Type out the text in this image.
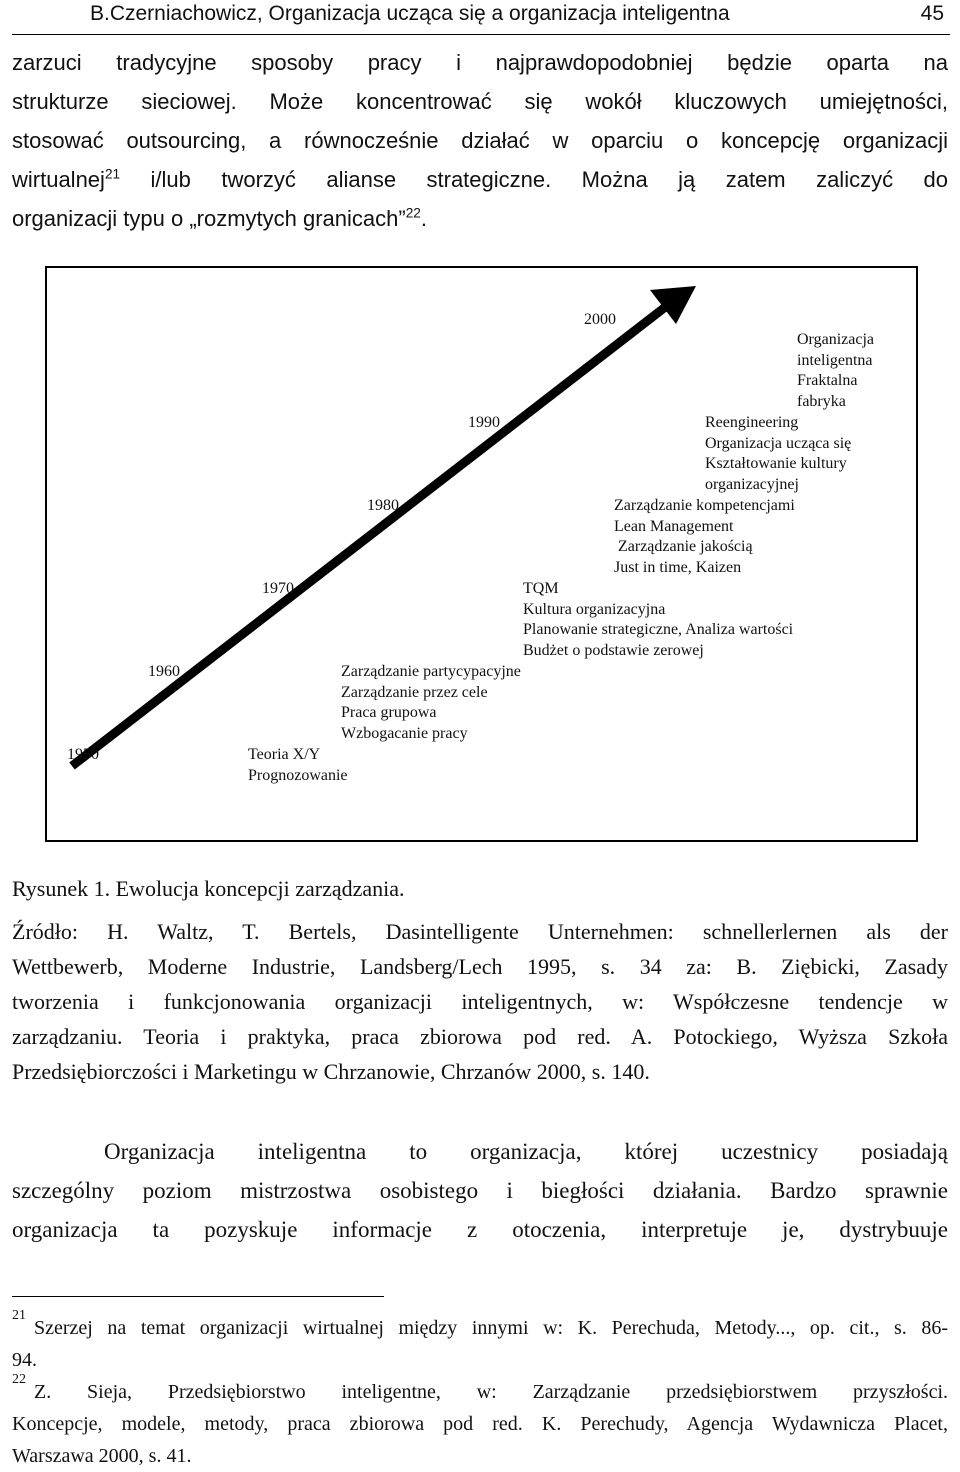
B.Czerniachowicz, Organizacja ucząca się a organizacja inteligentna	45
zarzuci tradycyjne sposoby pracy i najprawdopodobniej będzie oparta na
strukturze sieciowej. Może koncentrować się wokół kluczowych umiejętności,
stosować outsourcing, a równocześnie działać w oparciu o koncepcję organizacji
wirtualnej$^{21}$ i/lub tworzyć alianse strategiczne. Można ją zatem zaliczyć do
organizacji typu o „rozmytych granicach”$^{22}$.
1950
1960
1970
1980
1990
2000
Teoria X/Y
Prognozowanie
Zarządzanie partycypacyjne
Zarządzanie przez cele
Praca grupowa
Wzbogacanie pracy
TQM
Kultura organizacyjna
Planowanie strategiczne, Analiza wartości
Budżet o podstawie zerowej
Zarządzanie kompetencjami
Lean Management
Zarządzanie jakością
Just in time, Kaizen
Reengineering
Organizacja ucząca się
Kształtowanie kultury
organizacyjnej
Organizacja
inteligentna
Fraktalna
fabryka
Rysunek 1. Ewolucja koncepcji zarządzania.
Źródło: H. Waltz, T. Bertels, Dasintelligente Unternehmen: schnellerlernen als der
Wettbewerb, Moderne Industrie, Landsberg/Lech 1995, s. 34 za: B. Ziębicki, Zasady
tworzenia i funkcjonowania organizacji inteligentnych, w: Współczesne tendencje w
zarządzaniu. Teoria i praktyka, praca zbiorowa pod red. A. Potockiego, Wyższa Szkoła
Przedsiębiorczości i Marketingu w Chrzanowie, Chrzanów 2000, s. 140.
Organizacja inteligentna to organizacja, której uczestnicy posiadają
szczególny poziom mistrzostwa osobistego i biegłości działania. Bardzo sprawnie
organizacja ta pozyskuje informacje z otoczenia, interpretuje je, dystrybuuje
21
Szerzej na temat organizacji wirtualnej między innymi w: K. Perechuda, Metody..., op. cit., s. 86-
94.
22
Z. Sieja, Przedsiębiorstwo inteligentne, w: Zarządzanie przedsiębiorstwem przyszłości.
Koncepcje, modele, metody, praca zbiorowa pod red. K. Perechudy, Agencja Wydawnicza Placet,
Warszawa 2000, s. 41.
